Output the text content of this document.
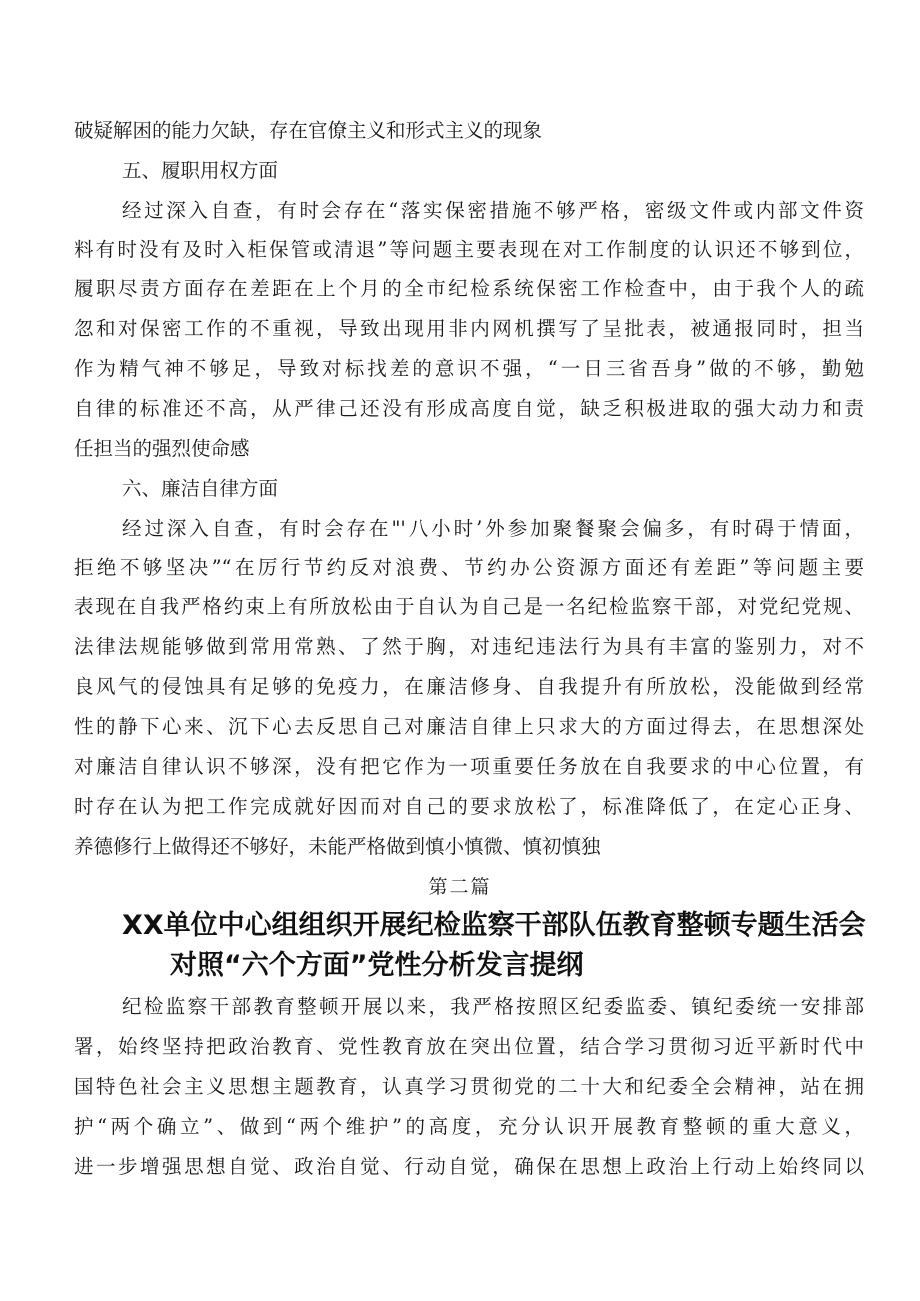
破疑解困的能力欠缺，存在官僚主义和形式主义的现象
五、履职用权方面
经过深入自查，有时会存在“落实保密措施不够严格，密级文件或内部文件资
料有时没有及时入柜保管或清退”等问题主要表现在对工作制度的认识还不够到位，
履职尽责方面存在差距在上个月的全市纪检系统保密工作检查中，由于我个人的疏
忽和对保密工作的不重视，导致出现用非内网机撰写了呈批表，被通报同时，担当
作为精气神不够足，导致对标找差的意识不强，“一日三省吾身”做的不够，勤勉
自律的标准还不高，从严律己还没有形成高度自觉，缺乏积极进取的强大动力和责
任担当的强烈使命感
六、廉洁自律方面
经过深入自查，有时会存在"'八小时’外参加聚餐聚会偏多，有时碍于情面，
拒绝不够坚决”“在厉行节约反对浪费、节约办公资源方面还有差距”等问题主要
表现在自我严格约束上有所放松由于自认为自己是一名纪检监察干部，对党纪党规、
法律法规能够做到常用常熟、了然于胸，对违纪违法行为具有丰富的鉴别力，对不
良风气的侵蚀具有足够的免疫力，在廉洁修身、自我提升有所放松，没能做到经常
性的静下心来、沉下心去反思自己对廉洁自律上只求大的方面过得去，在思想深处
对廉洁自律认识不够深，没有把它作为一项重要任务放在自我要求的中心位置，有
时存在认为把工作完成就好因而对自己的要求放松了，标准降低了，在定心正身、
养德修行上做得还不够好，未能严格做到慎小慎微、慎初慎独
第二篇
XX单位中心组组织开展纪检监察干部队伍教育整顿专题生活会
对照“六个方面”党性分析发言提纲
纪检监察干部教育整顿开展以来，我严格按照区纪委监委、镇纪委统一安排部
署，始终坚持把政治教育、党性教育放在突出位置，结合学习贯彻习近平新时代中
国特色社会主义思想主题教育，认真学习贯彻党的二十大和纪委全会精神，站在拥
护“两个确立”、做到“两个维护”的高度，充分认识开展教育整顿的重大意义，
进一步增强思想自觉、政治自觉、行动自觉，确保在思想上政治上行动上始终同以
